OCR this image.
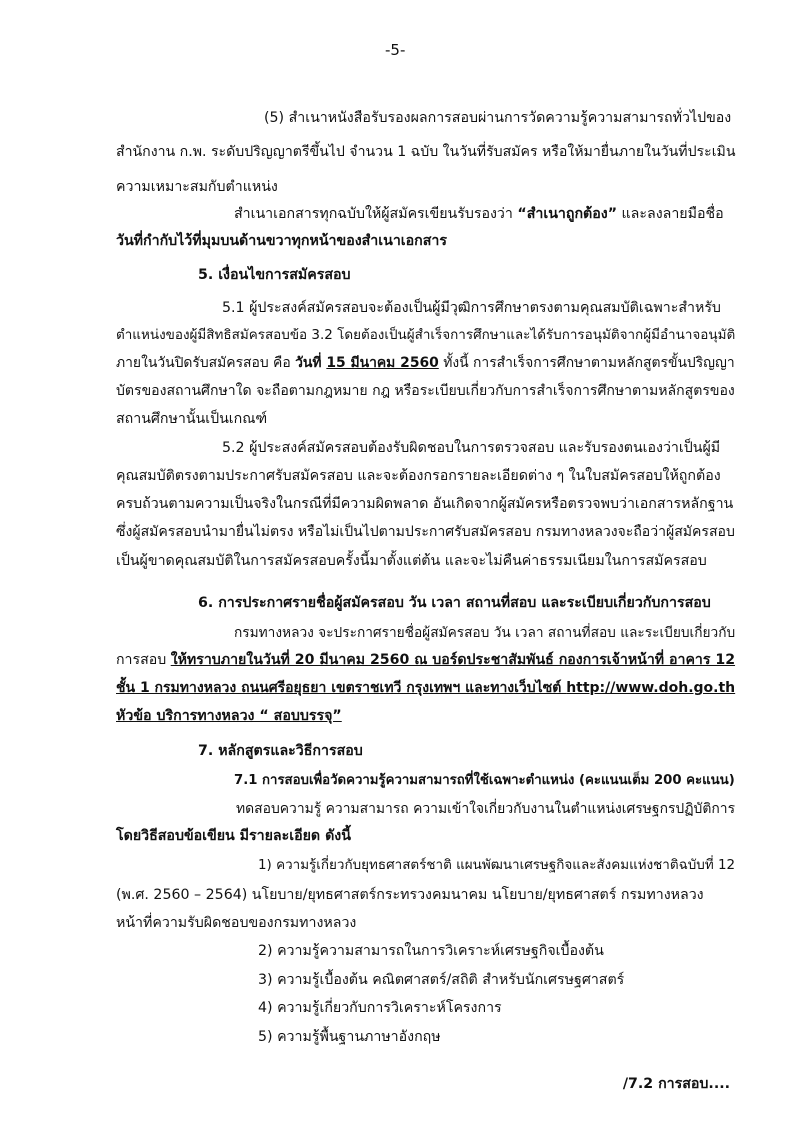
-5-
(5) สำเนาหนังสือรับรองผลการสอบผ่านการวัดความรู้ความสามารถทั่วไปของ
สำนักงาน ก.พ. ระดับปริญญาตรีขึ้นไป จำนวน 1 ฉบับ ในวันที่รับสมัคร หรือให้มายื่นภายในวันที่ประเมิน
ความเหมาะสมกับตำแหน่ง
สำเนาเอกสารทุกฉบับให้ผู้สมัครเขียนรับรองว่า “สำเนาถูกต้อง” และลงลายมือชื่อ
วันที่กำกับไว้ที่มุมบนด้านขวาทุกหน้าของสำเนาเอกสาร
5. เงื่อนไขการสมัครสอบ
5.1 ผู้ประสงค์สมัครสอบจะต้องเป็นผู้มีวุฒิการศึกษาตรงตามคุณสมบัติเฉพาะสำหรับ
ตำแหน่งของผู้มีสิทธิสมัครสอบข้อ 3.2 โดยต้องเป็นผู้สำเร็จการศึกษาและได้รับการอนุมัติจากผู้มีอำนาจอนุมัติ
ภายในวันปิดรับสมัครสอบ คือ วันที่ 15 มีนาคม 2560 ทั้งนี้ การสำเร็จการศึกษาตามหลักสูตรขั้นปริญญา
บัตรของสถานศึกษาใด จะถือตามกฎหมาย กฎ หรือระเบียบเกี่ยวกับการสำเร็จการศึกษาตามหลักสูตรของ
สถานศึกษานั้นเป็นเกณฑ์
5.2 ผู้ประสงค์สมัครสอบต้องรับผิดชอบในการตรวจสอบ และรับรองตนเองว่าเป็นผู้มี
คุณสมบัติตรงตามประกาศรับสมัครสอบ และจะต้องกรอกรายละเอียดต่าง ๆ ในใบสมัครสอบให้ถูกต้อง
ครบถ้วนตามความเป็นจริงในกรณีที่มีความผิดพลาด อันเกิดจากผู้สมัครหรือตรวจพบว่าเอกสารหลักฐาน
ซึ่งผู้สมัครสอบนำมายื่นไม่ตรง หรือไม่เป็นไปตามประกาศรับสมัครสอบ กรมทางหลวงจะถือว่าผู้สมัครสอบ
เป็นผู้ขาดคุณสมบัติในการสมัครสอบครั้งนี้มาตั้งแต่ต้น และจะไม่คืนค่าธรรมเนียมในการสมัครสอบ
6. การประกาศรายชื่อผู้สมัครสอบ วัน เวลา สถานที่สอบ และระเบียบเกี่ยวกับการสอบ
กรมทางหลวง จะประกาศรายชื่อผู้สมัครสอบ วัน เวลา สถานที่สอบ และระเบียบเกี่ยวกับ
การสอบ ให้ทราบภายในวันที่ 20 มีนาคม 2560 ณ บอร์ดประชาสัมพันธ์ กองการเจ้าหน้าที่ อาคาร 12
ชั้น 1 กรมทางหลวง ถนนศรีอยุธยา เขตราชเทวี กรุงเทพฯ และทางเว็บไซต์ http://www.doh.go.th
หัวข้อ บริการทางหลวง “ สอบบรรจุ”
7. หลักสูตรและวิธีการสอบ
7.1 การสอบเพื่อวัดความรู้ความสามารถที่ใช้เฉพาะตำแหน่ง (คะแนนเต็ม 200 คะแนน)
ทดสอบความรู้ ความสามารถ ความเข้าใจเกี่ยวกับงานในตำแหน่งเศรษฐกรปฏิบัติการ
โดยวิธีสอบข้อเขียน มีรายละเอียด ดังนี้
1) ความรู้เกี่ยวกับยุทธศาสตร์ชาติ แผนพัฒนาเศรษฐกิจและสังคมแห่งชาติฉบับที่ 12
(พ.ศ. 2560 – 2564) นโยบาย/ยุทธศาสตร์กระทรวงคมนาคม นโยบาย/ยุทธศาสตร์ กรมทางหลวง
หน้าที่ความรับผิดชอบของกรมทางหลวง
2) ความรู้ความสามารถในการวิเคราะห์เศรษฐกิจเบื้องต้น
3) ความรู้เบื้องต้น คณิตศาสตร์/สถิติ สำหรับนักเศรษฐศาสตร์
4) ความรู้เกี่ยวกับการวิเคราะห์โครงการ
5) ความรู้พื้นฐานภาษาอังกฤษ
/7.2 การสอบ....
